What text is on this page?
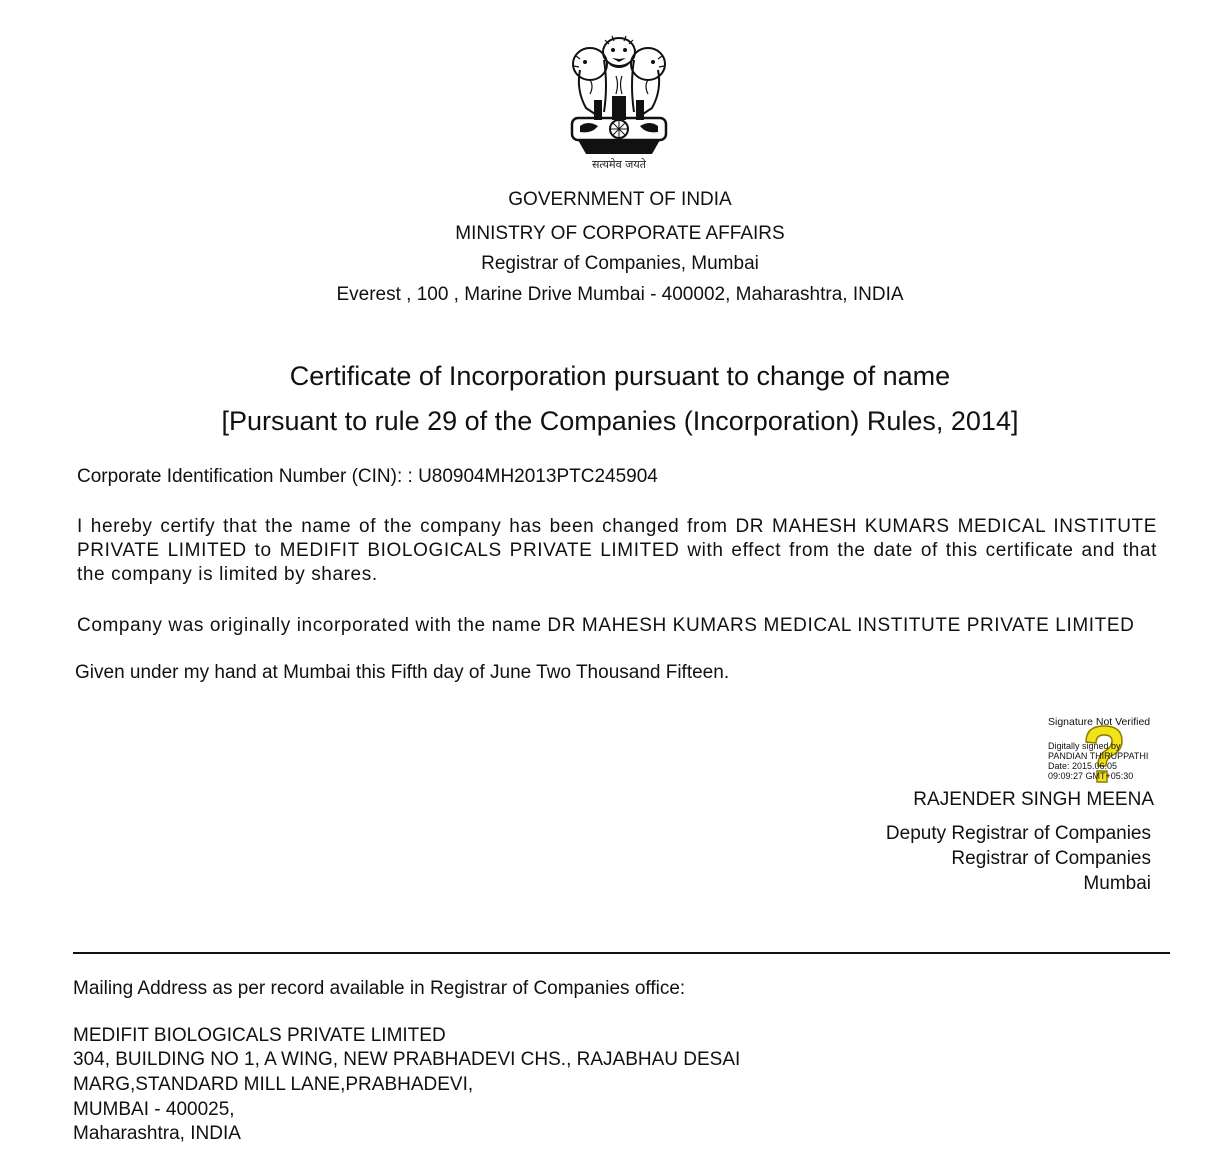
सत्यमेव जयते
GOVERNMENT OF INDIA
MINISTRY OF CORPORATE AFFAIRS
Registrar of Companies, Mumbai
Everest , 100 , Marine Drive Mumbai - 400002, Maharashtra, INDIA
Certificate of Incorporation pursuant to change of name
[Pursuant to rule 29 of the Companies (Incorporation) Rules, 2014]
Corporate Identification Number (CIN): : U80904MH2013PTC245904
I hereby certify that the name of the company has been changed from DR MAHESH KUMARS MEDICAL INSTITUTE PRIVATE LIMITED to MEDIFIT BIOLOGICALS PRIVATE LIMITED with effect from the date of this certificate and that the company is limited by shares.
Company was originally incorporated with the name DR MAHESH KUMARS MEDICAL INSTITUTE PRIVATE LIMITED
Given under my hand at Mumbai this Fifth day of June Two Thousand Fifteen.
Signature Not Verified
Digitally signed by
PANDIAN THIRUPPATHI
Date: 2015.06.05
09:09:27 GMT+05:30
RAJENDER SINGH MEENA
Deputy Registrar of Companies
Registrar of Companies
Mumbai
Mailing Address as per record available in Registrar of Companies office:
MEDIFIT BIOLOGICALS PRIVATE LIMITED
304, BUILDING NO 1, A WING, NEW PRABHADEVI CHS., RAJABHAU DESAI
MARG,STANDARD MILL LANE,PRABHADEVI,
MUMBAI - 400025,
Maharashtra, INDIA
